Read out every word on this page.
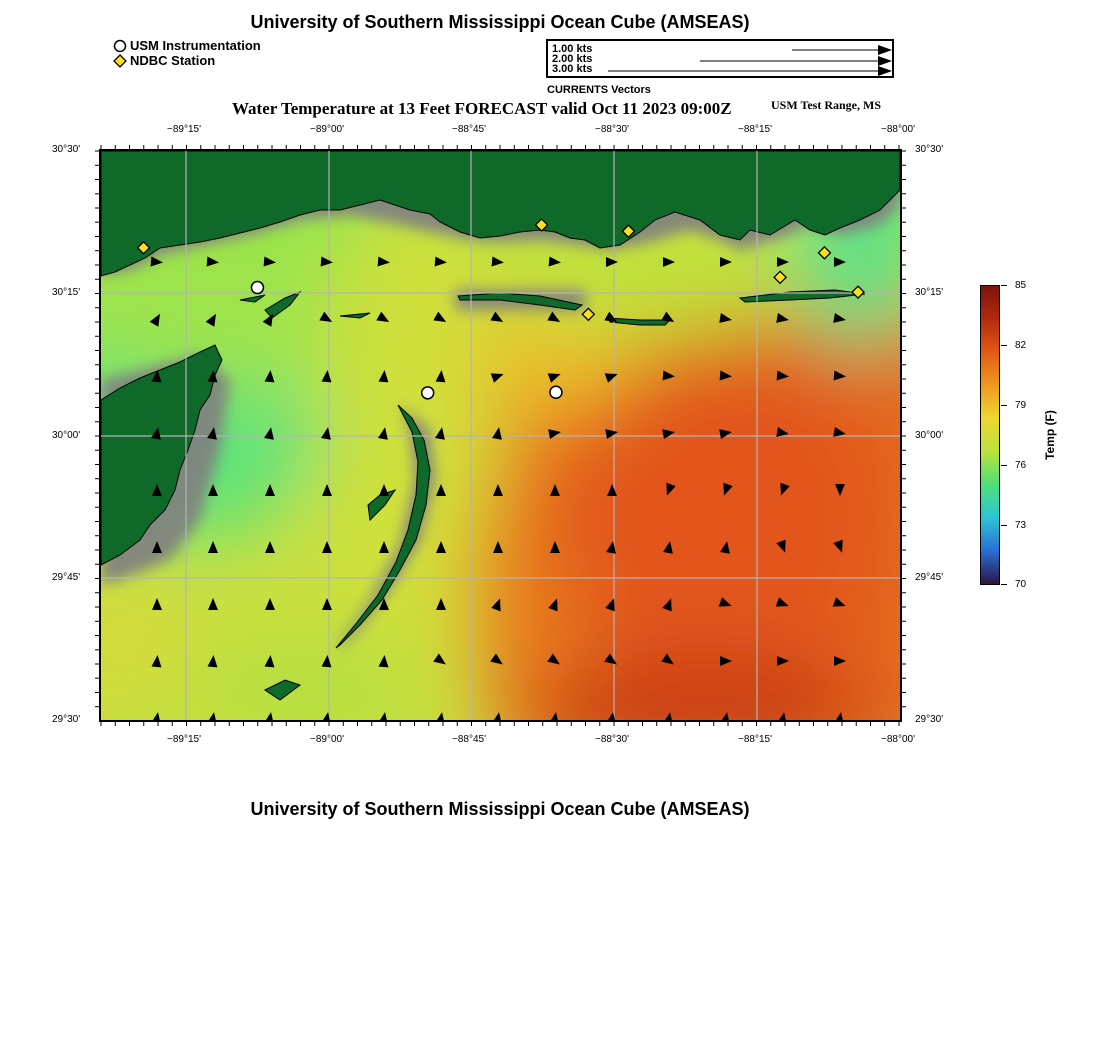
University of Southern Mississippi Ocean Cube (AMSEAS)
USM Instrumentation
NDBC Station
1.00 kts
2.00 kts
3.00 kts
CURRENTS Vectors
Water Temperature at 13 Feet FORECAST valid Oct 11 2023 09:00Z	USM Test Range, MS
−89°15'	−89°00'	−88°45'	−88°30'	−88°15'	−88°00'
−89°15'	−89°00'	−88°45'	−88°30'	−88°15'	−88°00'
30°30'
30°15'
30°00'
29°45'
29°30'
30°30'
30°15'
30°00'
29°45'
29°30'
85
82
79
76
73
70
Temp (F)
University of Southern Mississippi Ocean Cube (AMSEAS)
